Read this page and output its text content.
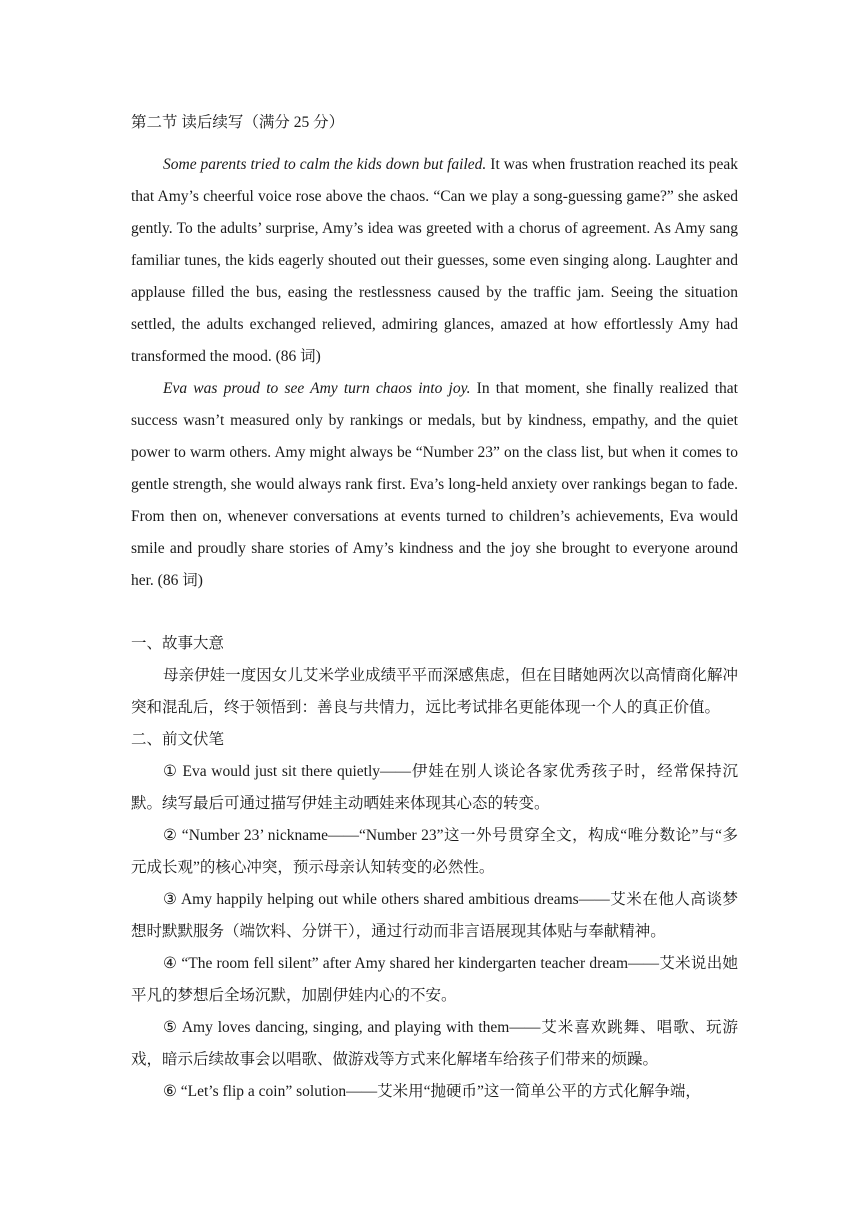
第二节 读后续写（满分 25 分）

Some parents tried to calm the kids down but failed. It was when frustration reached its peak that Amy’s cheerful voice rose above the chaos. “Can we play a song-guessing game?” she asked gently. To the adults’ surprise, Amy’s idea was greeted with a chorus of agreement. As Amy sang familiar tunes, the kids eagerly shouted out their guesses, some even singing along. Laughter and applause filled the bus, easing the restlessness caused by the traffic jam. Seeing the situation settled, the adults exchanged relieved, admiring glances, amazed at how effortlessly Amy had transformed the mood. (86 词)

Eva was proud to see Amy turn chaos into joy. In that moment, she finally realized that success wasn’t measured only by rankings or medals, but by kindness, empathy, and the quiet power to warm others. Amy might always be “Number 23” on the class list, but when it comes to gentle strength, she would always rank first. Eva’s long-held anxiety over rankings began to fade. From then on, whenever conversations at events turned to children’s achievements, Eva would smile and proudly share stories of Amy’s kindness and the joy she brought to everyone around her. (86 词)

一、故事大意

母亲伊娃一度因女儿艾米学业成绩平平而深感焦虑，但在目睹她两次以高情商化解冲突和混乱后，终于领悟到：善良与共情力，远比考试排名更能体现一个人的真正价值。

二、前文伏笔

① Eva would just sit there quietly——伊娃在别人谈论各家优秀孩子时，经常保持沉默。续写最后可通过描写伊娃主动晒娃来体现其心态的转变。

② “Number 23’ nickname——“Number 23”这一外号贯穿全文，构成“唯分数论”与“多元成长观”的核心冲突，预示母亲认知转变的必然性。

③ Amy happily helping out while others shared ambitious dreams——艾米在他人高谈梦想时默默服务（端饮料、分饼干），通过行动而非言语展现其体贴与奉献精神。

④ “The room fell silent” after Amy shared her kindergarten teacher dream——艾米说出她平凡的梦想后全场沉默，加剧伊娃内心的不安。

⑤ Amy loves dancing, singing, and playing with them——艾米喜欢跳舞、唱歌、玩游戏，暗示后续故事会以唱歌、做游戏等方式来化解堵车给孩子们带来的烦躁。

⑥ “Let’s flip a coin” solution——艾米用“抛硬币”这一简单公平的方式化解争端，
